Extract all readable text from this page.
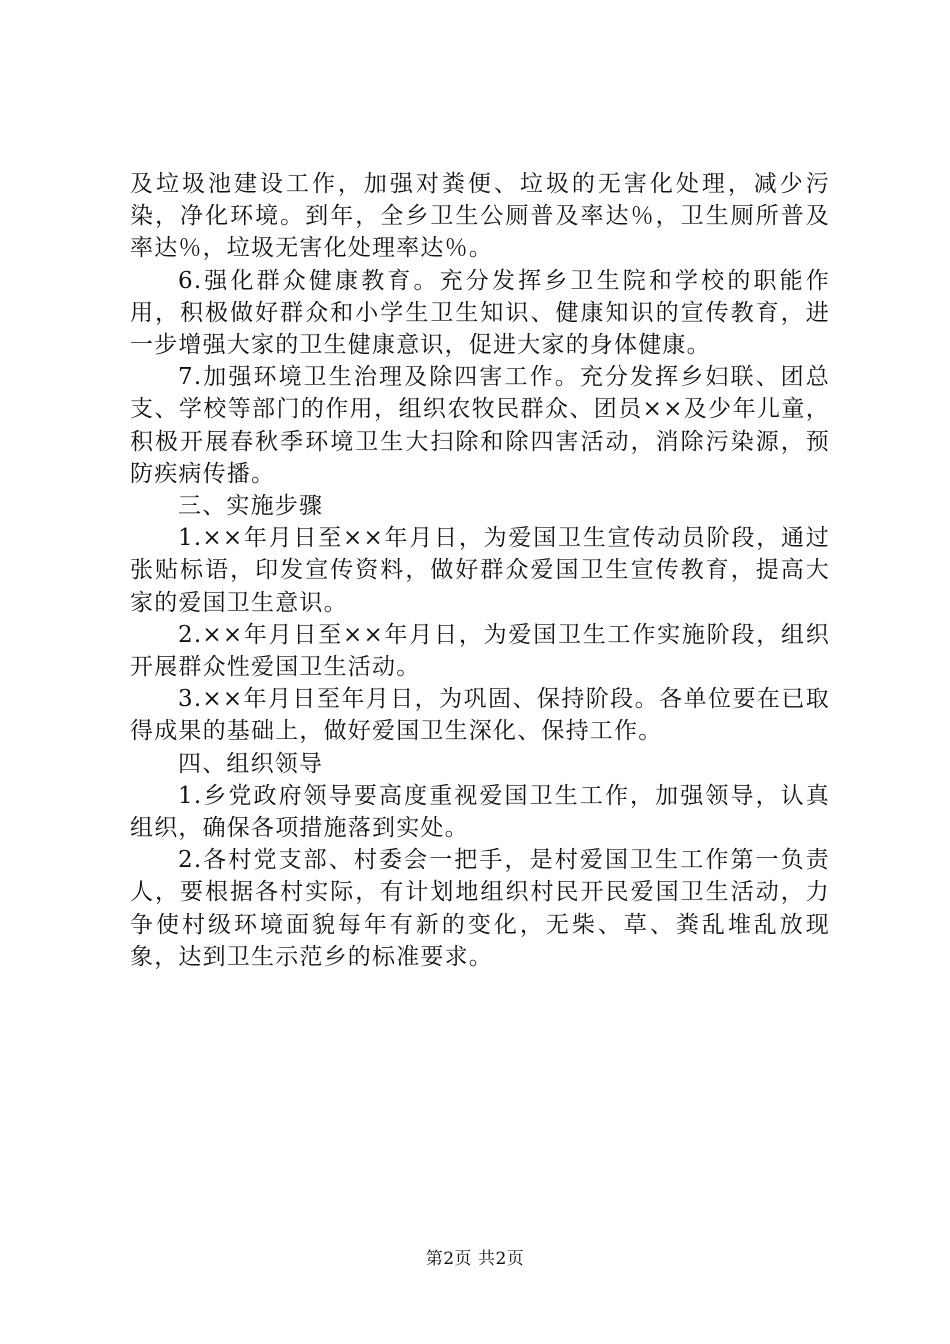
及垃圾池建设工作，加强对粪便、垃圾的无害化处理，减少污染，净化环境。到年，全乡卫生公厕普及率达％，卫生厕所普及率达％，垃圾无害化处理率达％。

6.强化群众健康教育。充分发挥乡卫生院和学校的职能作用，积极做好群众和小学生卫生知识、健康知识的宣传教育，进一步增强大家的卫生健康意识，促进大家的身体健康。

7.加强环境卫生治理及除四害工作。充分发挥乡妇联、团总支、学校等部门的作用，组织农牧民群众、团员××及少年儿童，积极开展春秋季环境卫生大扫除和除四害活动，消除污染源，预防疾病传播。

三、实施步骤

1.××年月日至××年月日，为爱国卫生宣传动员阶段，通过张贴标语，印发宣传资料，做好群众爱国卫生宣传教育，提高大家的爱国卫生意识。

2.××年月日至××年月日，为爱国卫生工作实施阶段，组织开展群众性爱国卫生活动。

3.××年月日至年月日，为巩固、保持阶段。各单位要在已取得成果的基础上，做好爱国卫生深化、保持工作。

四、组织领导

1.乡党政府领导要高度重视爱国卫生工作，加强领导，认真组织，确保各项措施落到实处。

2.各村党支部、村委会一把手，是村爱国卫生工作第一负责人，要根据各村实际，有计划地组织村民开民爱国卫生活动，力争使村级环境面貌每年有新的变化，无柴、草、粪乱堆乱放现象，达到卫生示范乡的标准要求。

第2页 共2页
